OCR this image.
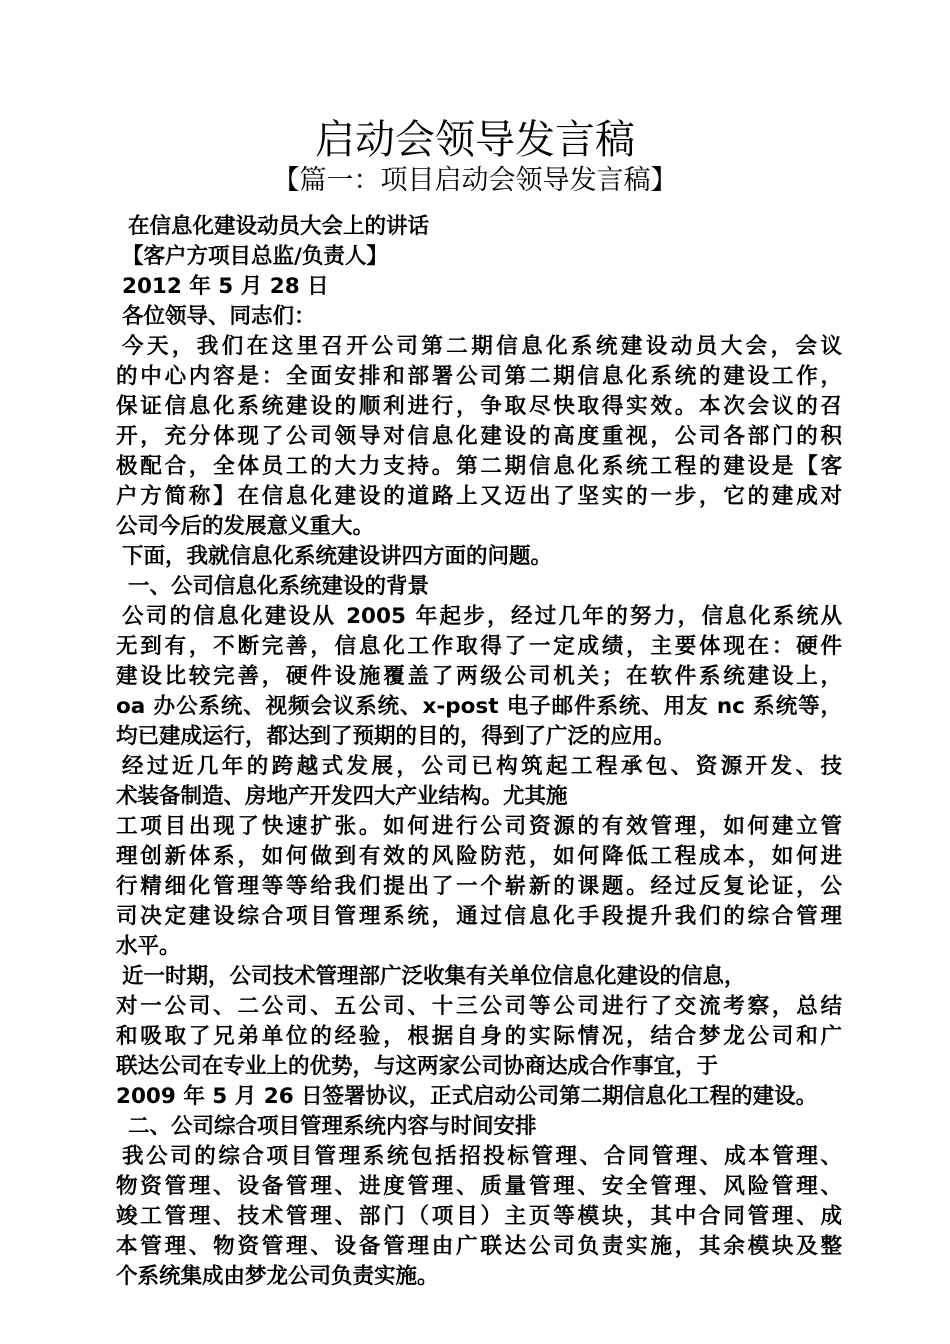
启动会领导发言稿
【篇一：项目启动会领导发言稿】

在信息化建设动员大会上的讲话

【客户方项目总监/负责人】

2012 年 5 月 28 日

各位领导、同志们：

今天，我们在这里召开公司第二期信息化系统建设动员大会，会议

的中心内容是：全面安排和部署公司第二期信息化系统的建设工作，

保证信息化系统建设的顺利进行，争取尽快取得实效。本次会议的召

开，充分体现了公司领导对信息化建设的高度重视，公司各部门的积

极配合，全体员工的大力支持。第二期信息化系统工程的建设是【客

户方简称】在信息化建设的道路上又迈出了坚实的一步，它的建成对

公司今后的发展意义重大。

下面，我就信息化系统建设讲四方面的问题。

一、公司信息化系统建设的背景

公司的信息化建设从 2005 年起步，经过几年的努力，信息化系统从

无到有，不断完善，信息化工作取得了一定成绩，主要体现在：硬件

建设比较完善，硬件设施覆盖了两级公司机关；在软件系统建设上，

oa 办公系统、视频会议系统、x-post 电子邮件系统、用友 nc 系统等，

均已建成运行，都达到了预期的目的，得到了广泛的应用。

经过近几年的跨越式发展，公司已构筑起工程承包、资源开发、技

术装备制造、房地产开发四大产业结构。尤其施

工项目出现了快速扩张。如何进行公司资源的有效管理，如何建立管

理创新体系，如何做到有效的风险防范，如何降低工程成本，如何进

行精细化管理等等给我们提出了一个崭新的课题。经过反复论证，公

司决定建设综合项目管理系统，通过信息化手段提升我们的综合管理

水平。

近一时期，公司技术管理部广泛收集有关单位信息化建设的信息，

对一公司、二公司、五公司、十三公司等公司进行了交流考察，总结

和吸取了兄弟单位的经验，根据自身的实际情况，结合梦龙公司和广

联达公司在专业上的优势，与这两家公司协商达成合作事宜，于

2009 年 5 月 26 日签署协议，正式启动公司第二期信息化工程的建设。

二、公司综合项目管理系统内容与时间安排

我公司的综合项目管理系统包括招投标管理、合同管理、成本管理、

物资管理、设备管理、进度管理、质量管理、安全管理、风险管理、

竣工管理、技术管理、部门（项目）主页等模块，其中合同管理、成

本管理、物资管理、设备管理由广联达公司负责实施，其余模块及整

个系统集成由梦龙公司负责实施。
